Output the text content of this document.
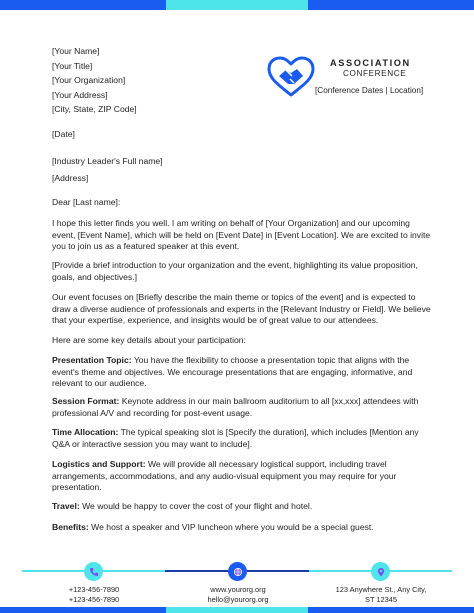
[Your Name]
[Your Title]
[Your Organization]
[Your Address]
[City, State, ZIP Code]
ASSOCIATION
CONFERENCE
[Conference Dates | Location]
[Date]
[Industry Leader's Full name]
[Address]
Dear [Last name]:
I hope this letter finds you well. I am writing on behalf of [Your Organization] and our upcoming event, [Event Name], which will be held on [Event Date] in [Event Location]. We are excited to invite you to join us as a featured speaker at this event.
[Provide a brief introduction to your organization and the event, highlighting its value proposition, goals, and objectives.]
Our event focuses on [Briefly describe the main theme or topics of the event] and is expected to draw a diverse audience of professionals and experts in the [Relevant Industry or Field]. We believe that your expertise, experience, and insights would be of great value to our attendees.
Here are some key details about your participation:
Presentation Topic: You have the flexibility to choose a presentation topic that aligns with the event's theme and objectives. We encourage presentations that are engaging, informative, and relevant to our audience.
Session Format: Keynote address in our main ballroom auditorium to all [xx,xxx] attendees with professional A/V and recording for post-event usage.
Time Allocation: The typical speaking slot is [Specify the duration], which includes [Mention any Q&A or interactive session you may want to include].
Logistics and Support: We will provide all necessary logistical support, including travel arrangements, accommodations, and any audio-visual equipment you may require for your presentation.
Travel: We would be happy to cover the cost of your flight and hotel.
Benefits: We host a speaker and VIP luncheon where you would be a special guest.
+123-456-7890
+123-456-7890
www.yourorg.org
hello@yourorg.org
123 Anywhere St., Any City,
ST 12345
